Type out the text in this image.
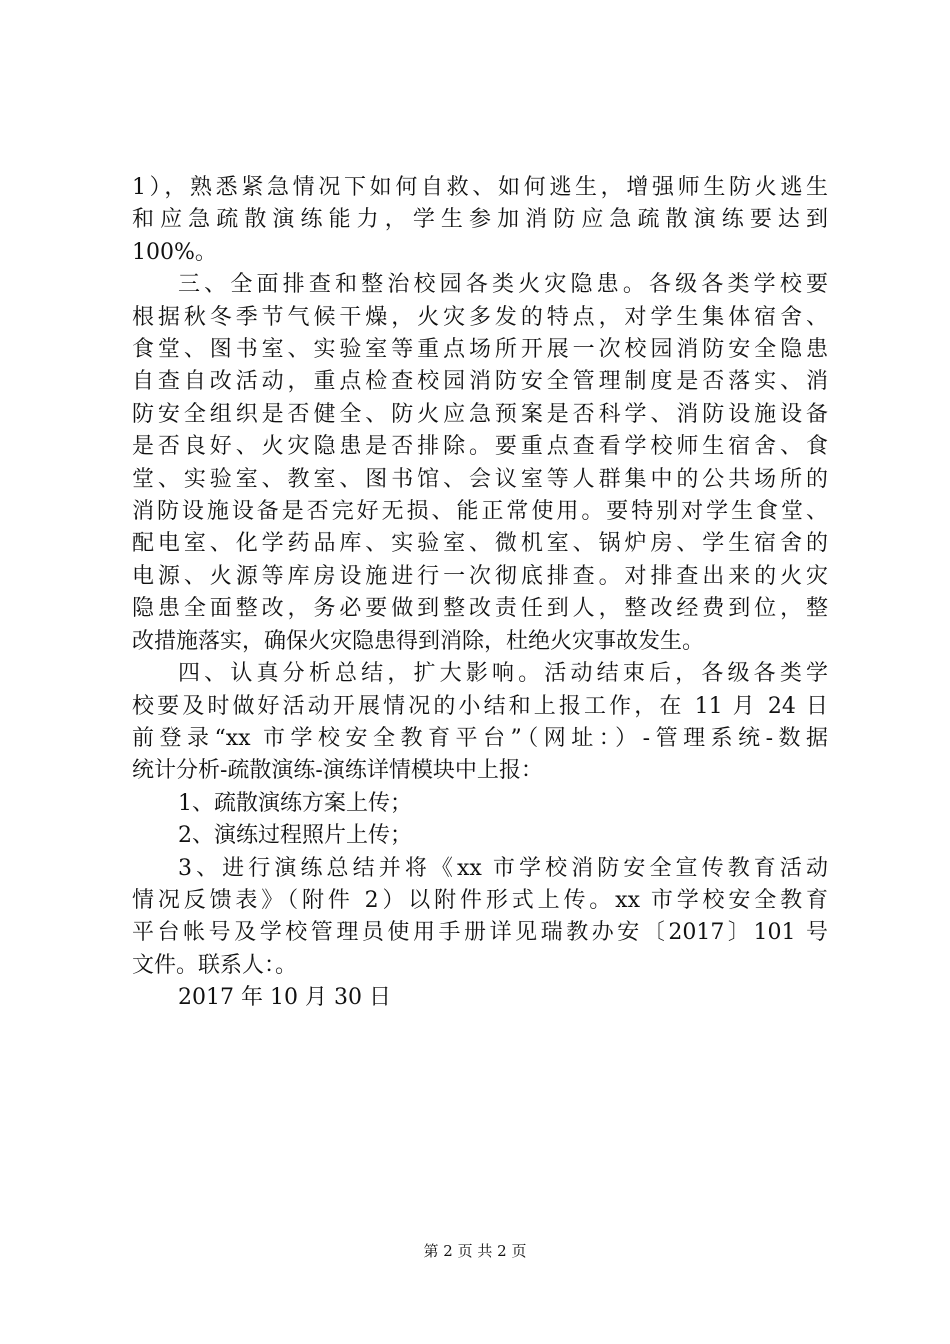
1），熟悉紧急情况下如何自救、如何逃生，增强师生防火逃生
和应急疏散演练能力，学生参加消防应急疏散演练要达到
100%。
三、全面排查和整治校园各类火灾隐患。各级各类学校要
根据秋冬季节气候干燥，火灾多发的特点，对学生集体宿舍、
食堂、图书室、实验室等重点场所开展一次校园消防安全隐患
自查自改活动，重点检查校园消防安全管理制度是否落实、消
防安全组织是否健全、防火应急预案是否科学、消防设施设备
是否良好、火灾隐患是否排除。要重点查看学校师生宿舍、食
堂、实验室、教室、图书馆、会议室等人群集中的公共场所的
消防设施设备是否完好无损、能正常使用。要特别对学生食堂、
配电室、化学药品库、实验室、微机室、锅炉房、学生宿舍的
电源、火源等库房设施进行一次彻底排查。对排查出来的火灾
隐患全面整改，务必要做到整改责任到人，整改经费到位，整
改措施落实，确保火灾隐患得到消除，杜绝火灾事故发生。
四、认真分析总结，扩大影响。活动结束后，各级各类学
校要及时做好活动开展情况的小结和上报工作，在 11 月 24 日
前登录“xx 市学校安全教育平台”（网址：）-管理系统-数据
统计分析-疏散演练-演练详情模块中上报：
1、疏散演练方案上传；
2、演练过程照片上传；
3、进行演练总结并将《xx 市学校消防安全宣传教育活动
情况反馈表》（附件 2）以附件形式上传。xx 市学校安全教育
平台帐号及学校管理员使用手册详见瑞教办安〔2017〕101 号
文件。联系人：。
2017 年 10 月 30 日
第 2 页 共 2 页
